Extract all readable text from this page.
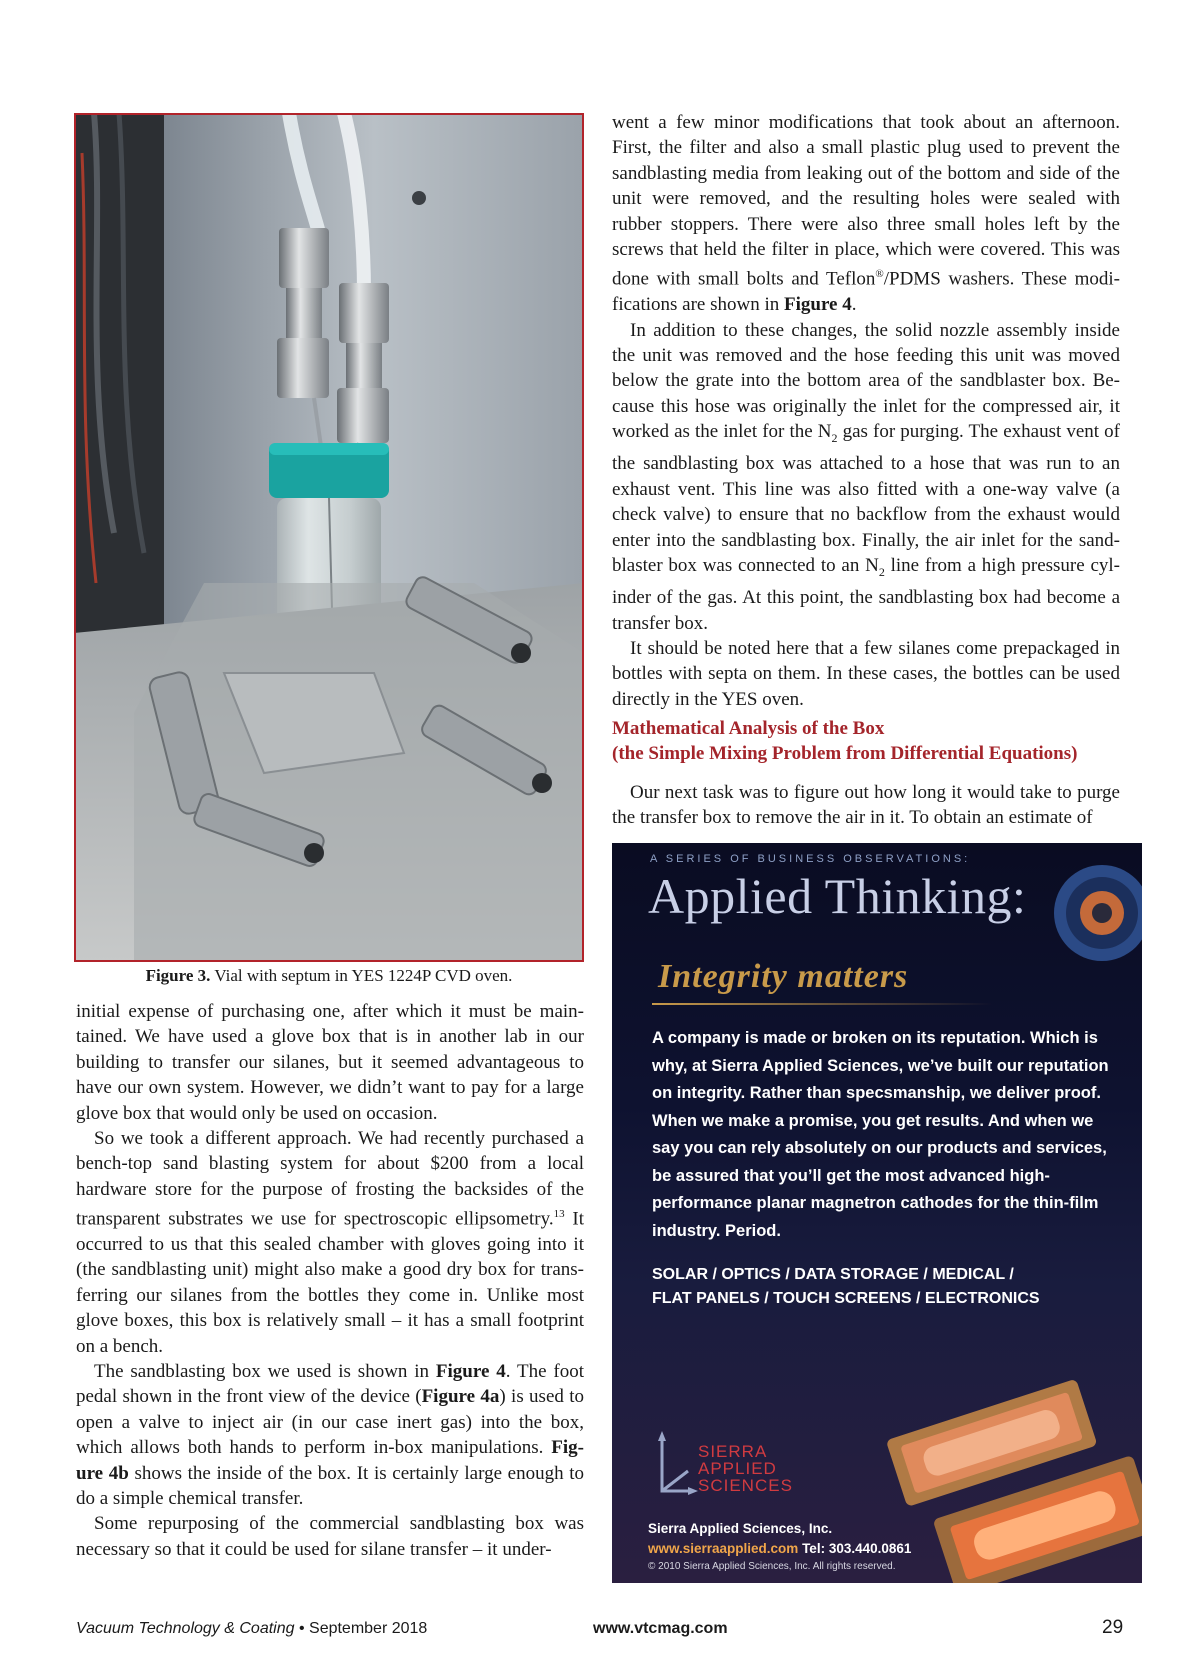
Figure 3. Vial with septum in YES 1224P CVD oven.

initial expense of purchasing one, after which it must be main-tained. We have used a glove box that is in another lab in our building to transfer our silanes, but it seemed advantageous to have our own system. However, we didn’t want to pay for a large glove box that would only be used on occasion.

So we took a different approach. We had recently purchased a bench-top sand blasting system for about $200 from a local hardware store for the purpose of frosting the backsides of the transparent substrates we use for spectroscopic ellipsometry.$^{13}$ It occurred to us that this sealed chamber with gloves going into it (the sandblasting unit) might also make a good dry box for trans-ferring our silanes from the bottles they come in. Unlike most glove boxes, this box is relatively small – it has a small footprint on a bench.

The sandblasting box we used is shown in Figure 4. The foot pedal shown in the front view of the device (Figure 4a) is used to open a valve to inject air (in our case inert gas) into the box, which allows both hands to perform in-box manipulations. Fig-ure 4b shows the inside of the box. It is certainly large enough to do a simple chemical transfer.

Some repurposing of the commercial sandblasting box was necessary so that it could be used for silane transfer – it under-

went a few minor modifications that took about an afternoon. First, the filter and also a small plastic plug used to prevent the sandblasting media from leaking out of the bottom and side of the unit were removed, and the resulting holes were sealed with rubber stoppers. There were also three small holes left by the screws that held the filter in place, which were covered. This was done with small bolts and Teflon®/PDMS washers. These modi-fications are shown in Figure 4.

In addition to these changes, the solid nozzle assembly inside the unit was removed and the hose feeding this unit was moved below the grate into the bottom area of the sandblaster box. Be-cause this hose was originally the inlet for the compressed air, it worked as the inlet for the $N_2$ gas for purging. The exhaust vent of the sandblasting box was attached to a hose that was run to an exhaust vent. This line was also fitted with a one-way valve (a check valve) to ensure that no backflow from the exhaust would enter into the sandblasting box. Finally, the air inlet for the sand-blaster box was connected to an $N_2$ line from a high pressure cyl-inder of the gas. At this point, the sandblasting box had become a transfer box.

It should be noted here that a few silanes come prepackaged in bottles with septa on them. In these cases, the bottles can be used directly in the YES oven.

Mathematical Analysis of the Box
(the Simple Mixing Problem from Differential Equations)

Our next task was to figure out how long it would take to purge the transfer box to remove the air in it. To obtain an estimate of

A SERIES OF BUSINESS OBSERVATIONS:
Applied Thinking:
Integrity matters
A company is made or broken on its reputation. Which is why, at Sierra Applied Sciences, we’ve built our reputation on integrity. Rather than specsmanship, we deliver proof. When we make a promise, you get results. And when we say you can rely absolutely on our products and services, be assured that you’ll get the most advanced high-performance planar magnetron cathodes for the thin-film industry. Period.
SOLAR / OPTICS / DATA STORAGE / MEDICAL /
FLAT PANELS / TOUCH SCREENS / ELECTRONICS
SIERRA
APPLIED
SCIENCES
Sierra Applied Sciences, Inc.
www.sierraapplied.com Tel: 303.440.0861
© 2010 Sierra Applied Sciences, Inc. All rights reserved.
Vacuum Technology & Coating • September 2018	www.vtcmag.com	29
